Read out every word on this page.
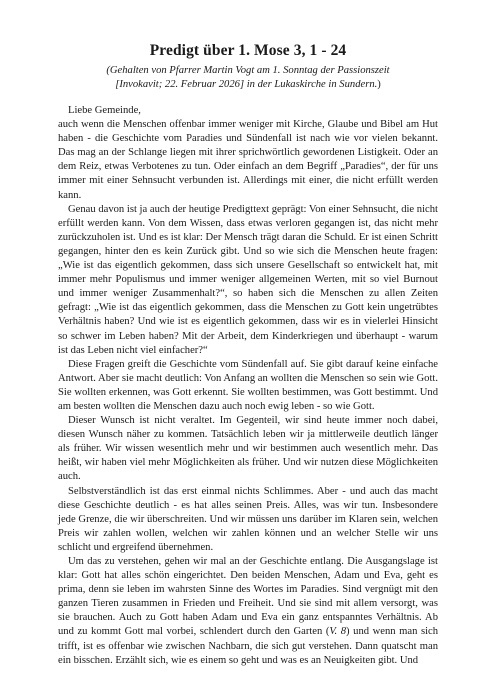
Predigt über 1. Mose 3, 1 - 24
(Gehalten von Pfarrer Martin Vogt am 1. Sonntag der Passionszeit
[Invokavit; 22. Februar 2026] in der Lukaskirche in Sundern.)

Liebe Gemeinde,

auch wenn die Menschen offenbar immer weniger mit Kirche, Glaube und Bibel am Hut haben - die Geschichte vom Paradies und Sündenfall ist nach wie vor vielen bekannt. Das mag an der Schlange liegen mit ihrer sprichwörtlich gewordenen Listigkeit. Oder an dem Reiz, etwas Verbotenes zu tun. Oder einfach an dem Begriff „Paradies“, der für uns immer mit einer Sehnsucht verbunden ist. Allerdings mit einer, die nicht erfüllt werden kann.

Genau davon ist ja auch der heutige Predigttext geprägt: Von einer Sehnsucht, die nicht erfüllt werden kann. Von dem Wissen, dass etwas verloren gegangen ist, das nicht mehr zurückzuholen ist. Und es ist klar: Der Mensch trägt daran die Schuld. Er ist einen Schritt gegangen, hinter den es kein Zurück gibt. Und so wie sich die Menschen heute fragen: „Wie ist das eigentlich gekommen, dass sich unsere Gesellschaft so entwickelt hat, mit immer mehr Populismus und immer weniger allgemeinen Werten, mit so viel Burnout und immer weniger Zusammenhalt?“, so haben sich die Menschen zu allen Zeiten gefragt: „Wie ist das eigentlich gekommen, dass die Menschen zu Gott kein ungetrübtes Verhältnis haben? Und wie ist es eigentlich gekommen, dass wir es in vielerlei Hinsicht so schwer im Leben haben? Mit der Arbeit, dem Kinderkriegen und überhaupt - warum ist das Leben nicht viel einfacher?“

Diese Fragen greift die Geschichte vom Sündenfall auf. Sie gibt darauf keine einfache Antwort. Aber sie macht deutlich: Von Anfang an wollten die Menschen so sein wie Gott. Sie wollten erkennen, was Gott erkennt. Sie wollten bestimmen, was Gott bestimmt. Und am besten wollten die Menschen dazu auch noch ewig leben - so wie Gott.

Dieser Wunsch ist nicht veraltet. Im Gegenteil, wir sind heute immer noch dabei, diesen Wunsch näher zu kommen. Tatsächlich leben wir ja mittlerweile deutlich länger als früher. Wir wissen wesentlich mehr und wir bestimmen auch wesentlich mehr. Das heißt, wir haben viel mehr Möglichkeiten als früher. Und wir nutzen diese Möglichkeiten auch.

Selbstverständlich ist das erst einmal nichts Schlimmes. Aber - und auch das macht diese Geschichte deutlich - es hat alles seinen Preis. Alles, was wir tun. Insbesondere jede Grenze, die wir überschreiten. Und wir müssen uns darüber im Klaren sein, welchen Preis wir zahlen wollen, welchen wir zahlen können und an welcher Stelle wir uns schlicht und ergreifend übernehmen.

Um das zu verstehen, gehen wir mal an der Geschichte entlang. Die Ausgangslage ist klar: Gott hat alles schön eingerichtet. Den beiden Menschen, Adam und Eva, geht es prima, denn sie leben im wahrsten Sinne des Wortes im Paradies. Sind vergnügt mit den ganzen Tieren zusammen in Frieden und Freiheit. Und sie sind mit allem versorgt, was sie brauchen. Auch zu Gott haben Adam und Eva ein ganz entspanntes Verhältnis. Ab und zu kommt Gott mal vorbei, schlendert durch den Garten (V. 8) und wenn man sich trifft, ist es offenbar wie zwischen Nachbarn, die sich gut verstehen. Dann quatscht man ein bisschen. Erzählt sich, wie es einem so geht und was es an Neuigkeiten gibt. Und
